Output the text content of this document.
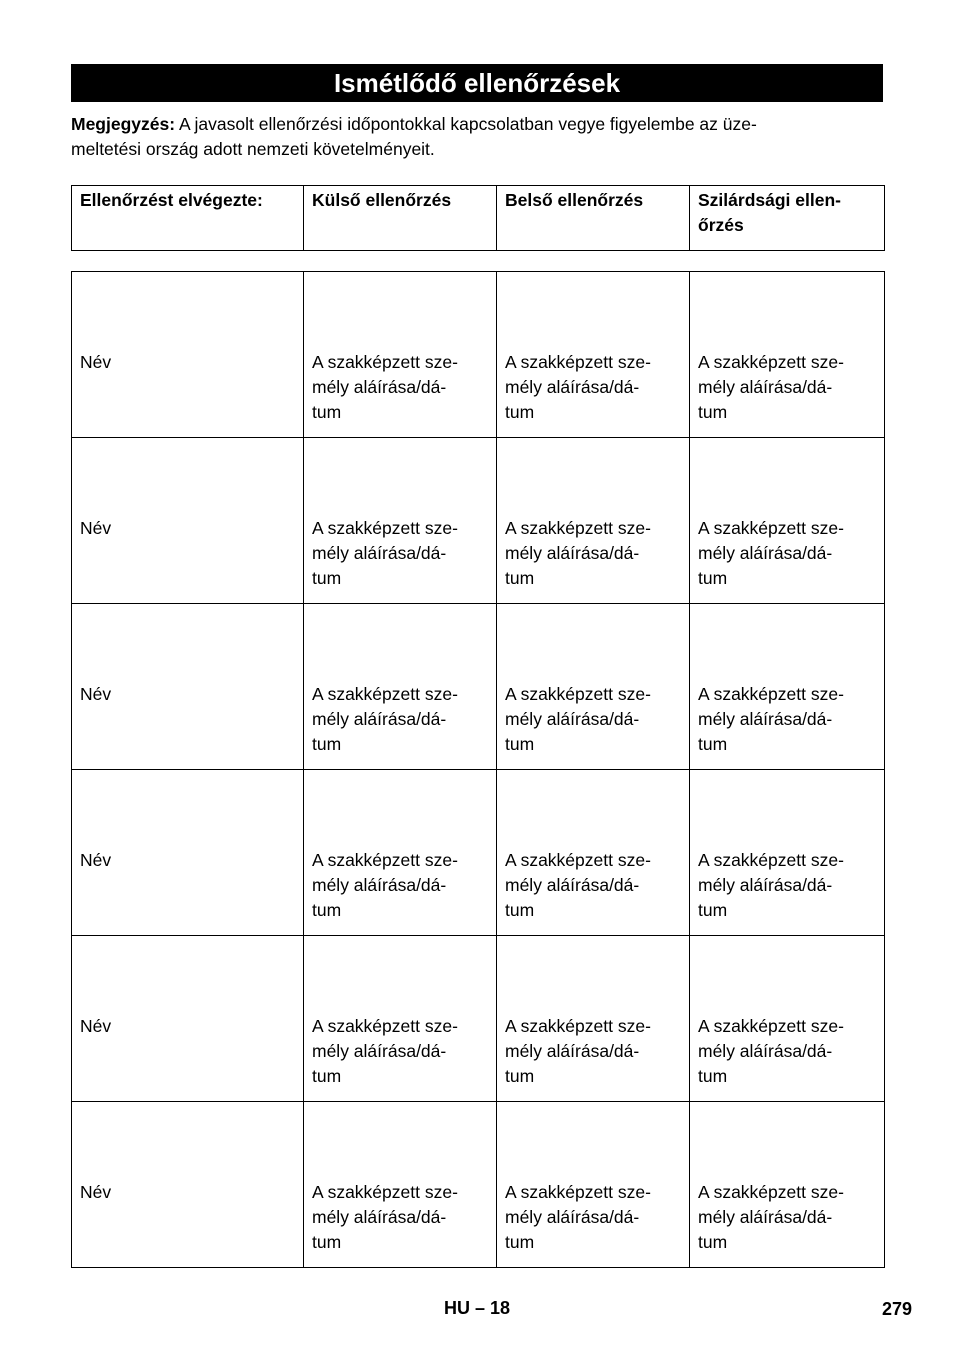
Ismétlődő ellenőrzések
Megjegyzés: A javasolt ellenőrzési időpontokkal kapcsolatban vegye figyelembe az üze-
meltetési ország adott nemzeti követelményeit.
Ellenőrzést elvégezte:	Külső ellenőrzés	Belső ellenőrzés	Szilárdsági ellen-
őrzés
Név	A szakképzett sze-
mély aláírása/dá-
tum	A szakképzett sze-
mély aláírása/dá-
tum	A szakképzett sze-
mély aláírása/dá-
tum

Név	A szakképzett sze-
mély aláírása/dá-
tum	A szakképzett sze-
mély aláírása/dá-
tum	A szakképzett sze-
mély aláírása/dá-
tum

Név	A szakképzett sze-
mély aláírása/dá-
tum	A szakképzett sze-
mély aláírása/dá-
tum	A szakképzett sze-
mély aláírása/dá-
tum

Név	A szakképzett sze-
mély aláírása/dá-
tum	A szakképzett sze-
mély aláírása/dá-
tum	A szakképzett sze-
mély aláírása/dá-
tum

Név	A szakképzett sze-
mély aláírása/dá-
tum	A szakképzett sze-
mély aláírása/dá-
tum	A szakképzett sze-
mély aláírása/dá-
tum

Név	A szakképzett sze-
mély aláírása/dá-
tum	A szakképzett sze-
mély aláírása/dá-
tum	A szakképzett sze-
mély aláírása/dá-
tum
HU – 18	279
